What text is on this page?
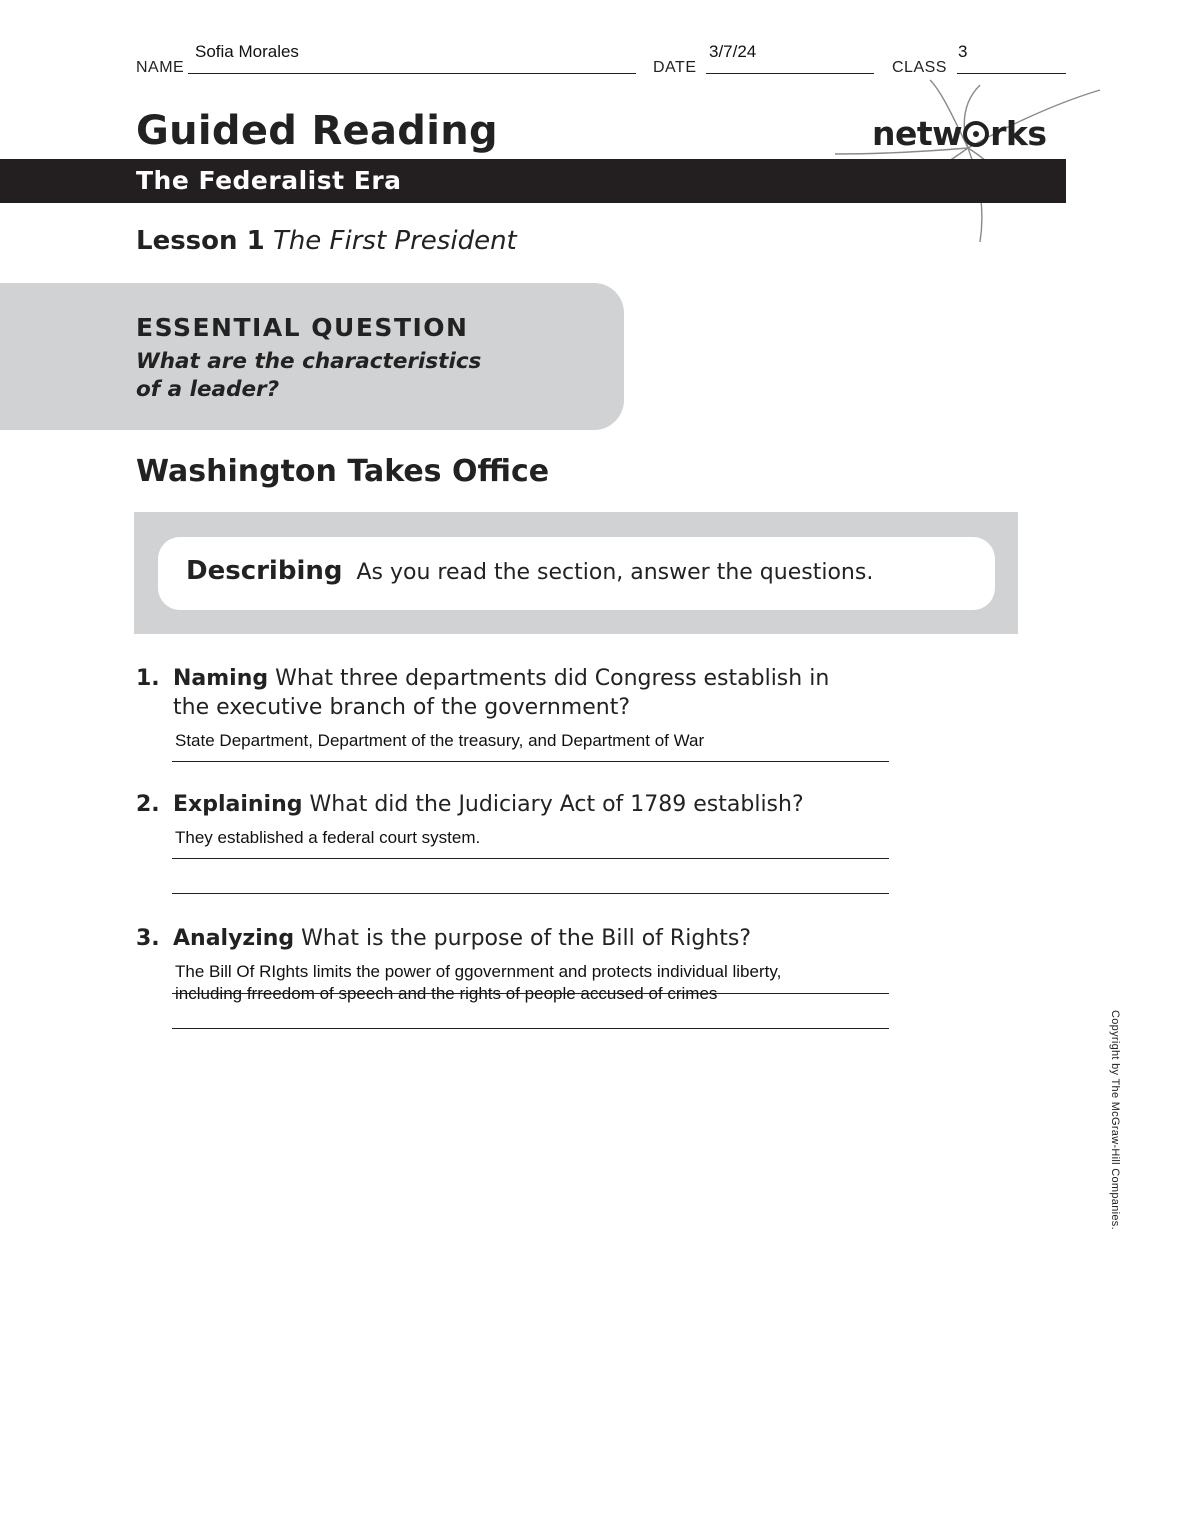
NAME
Sofia Morales
DATE
3/7/24
CLASS
3
Guided Reading	netw rks
The Federalist Era
Lesson 1 The First President
ESSENTIAL QUESTION
What are the characteristics
of a leader?
Washington Takes Office
Describing As you read the section, answer the questions.
1. Naming What three departments did Congress establish in
the executive branch of the government?
State Department, Department of the treasury, and Department of War
2. Explaining What did the Judiciary Act of 1789 establish?
They established a federal court system.
3. Analyzing What is the purpose of the Bill of Rights?
The Bill Of RIghts limits the power of ggovernment and protects individual liberty,
including frreedom of speech and the rights of people accused of crimes
Copyright by The McGraw-Hill Companies.
